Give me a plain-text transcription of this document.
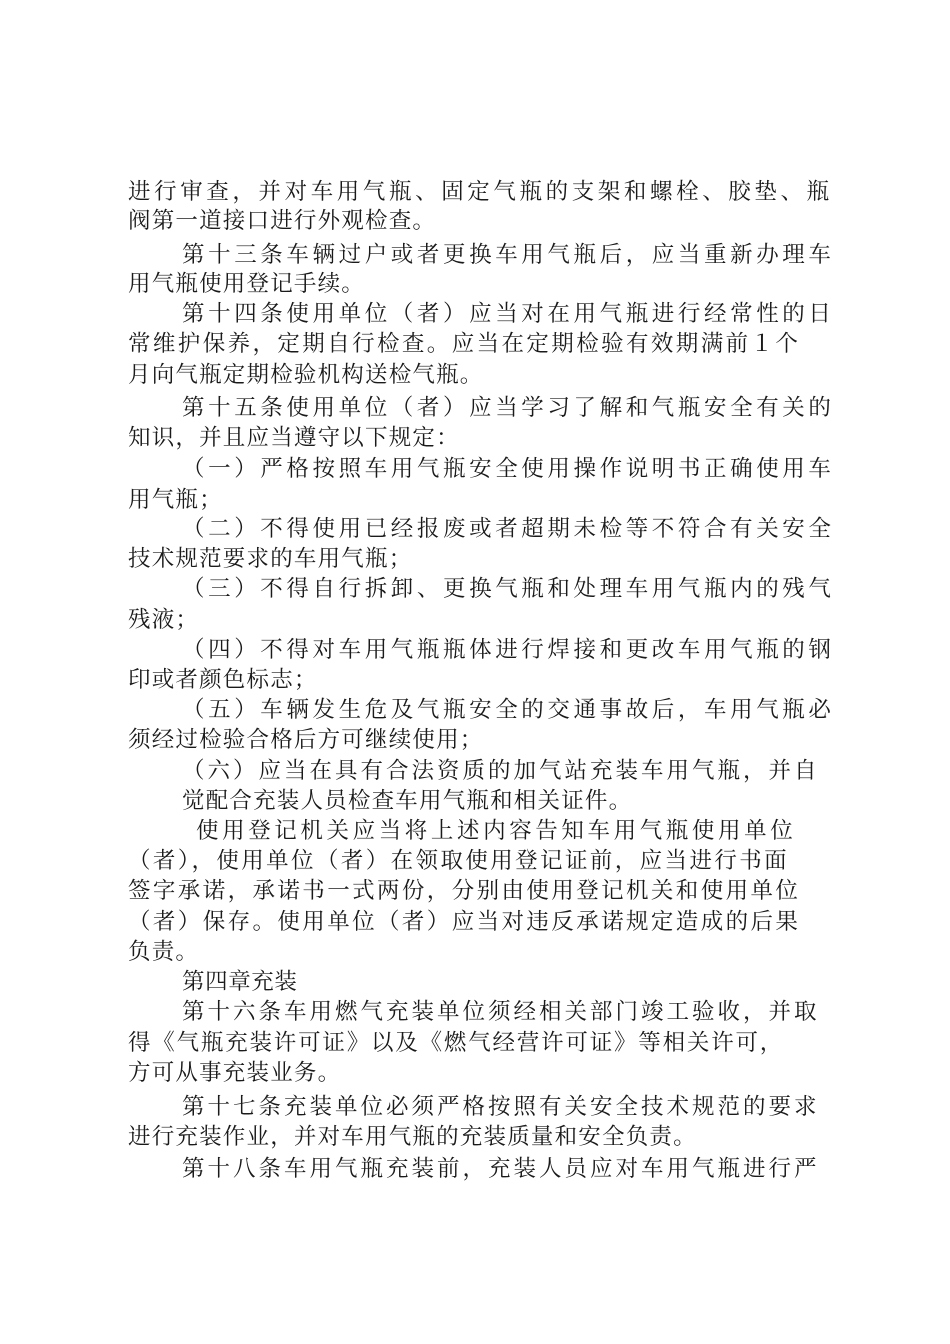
进行审查，并对车用气瓶、固定气瓶的支架和螺栓、胶垫、瓶
阀第一道接口进行外观检查。
第十三条车辆过户或者更换车用气瓶后，应当重新办理车
用气瓶使用登记手续。
第十四条使用单位（者）应当对在用气瓶进行经常性的日
常维护保养，定期自行检查。应当在定期检验有效期满前１个
月向气瓶定期检验机构送检气瓶。
第十五条使用单位（者）应当学习了解和气瓶安全有关的
知识，并且应当遵守以下规定：
（一）严格按照车用气瓶安全使用操作说明书正确使用车
用气瓶；
（二）不得使用已经报废或者超期未检等不符合有关安全
技术规范要求的车用气瓶；
（三）不得自行拆卸、更换气瓶和处理车用气瓶内的残气
残液；
（四）不得对车用气瓶瓶体进行焊接和更改车用气瓶的钢
印或者颜色标志；
（五）车辆发生危及气瓶安全的交通事故后，车用气瓶必
须经过检验合格后方可继续使用；
（六）应当在具有合法资质的加气站充装车用气瓶，并自
觉配合充装人员检查车用气瓶和相关证件。
使用登记机关应当将上述内容告知车用气瓶使用单位
（者），使用单位（者）在领取使用登记证前，应当进行书面
签字承诺，承诺书一式两份，分别由使用登记机关和使用单位
（者）保存。使用单位（者）应当对违反承诺规定造成的后果
负责。
第四章充装
第十六条车用燃气充装单位须经相关部门竣工验收，并取
得《气瓶充装许可证》以及《燃气经营许可证》等相关许可，
方可从事充装业务。
第十七条充装单位必须严格按照有关安全技术规范的要求
进行充装作业，并对车用气瓶的充装质量和安全负责。
第十八条车用气瓶充装前，充装人员应对车用气瓶进行严
